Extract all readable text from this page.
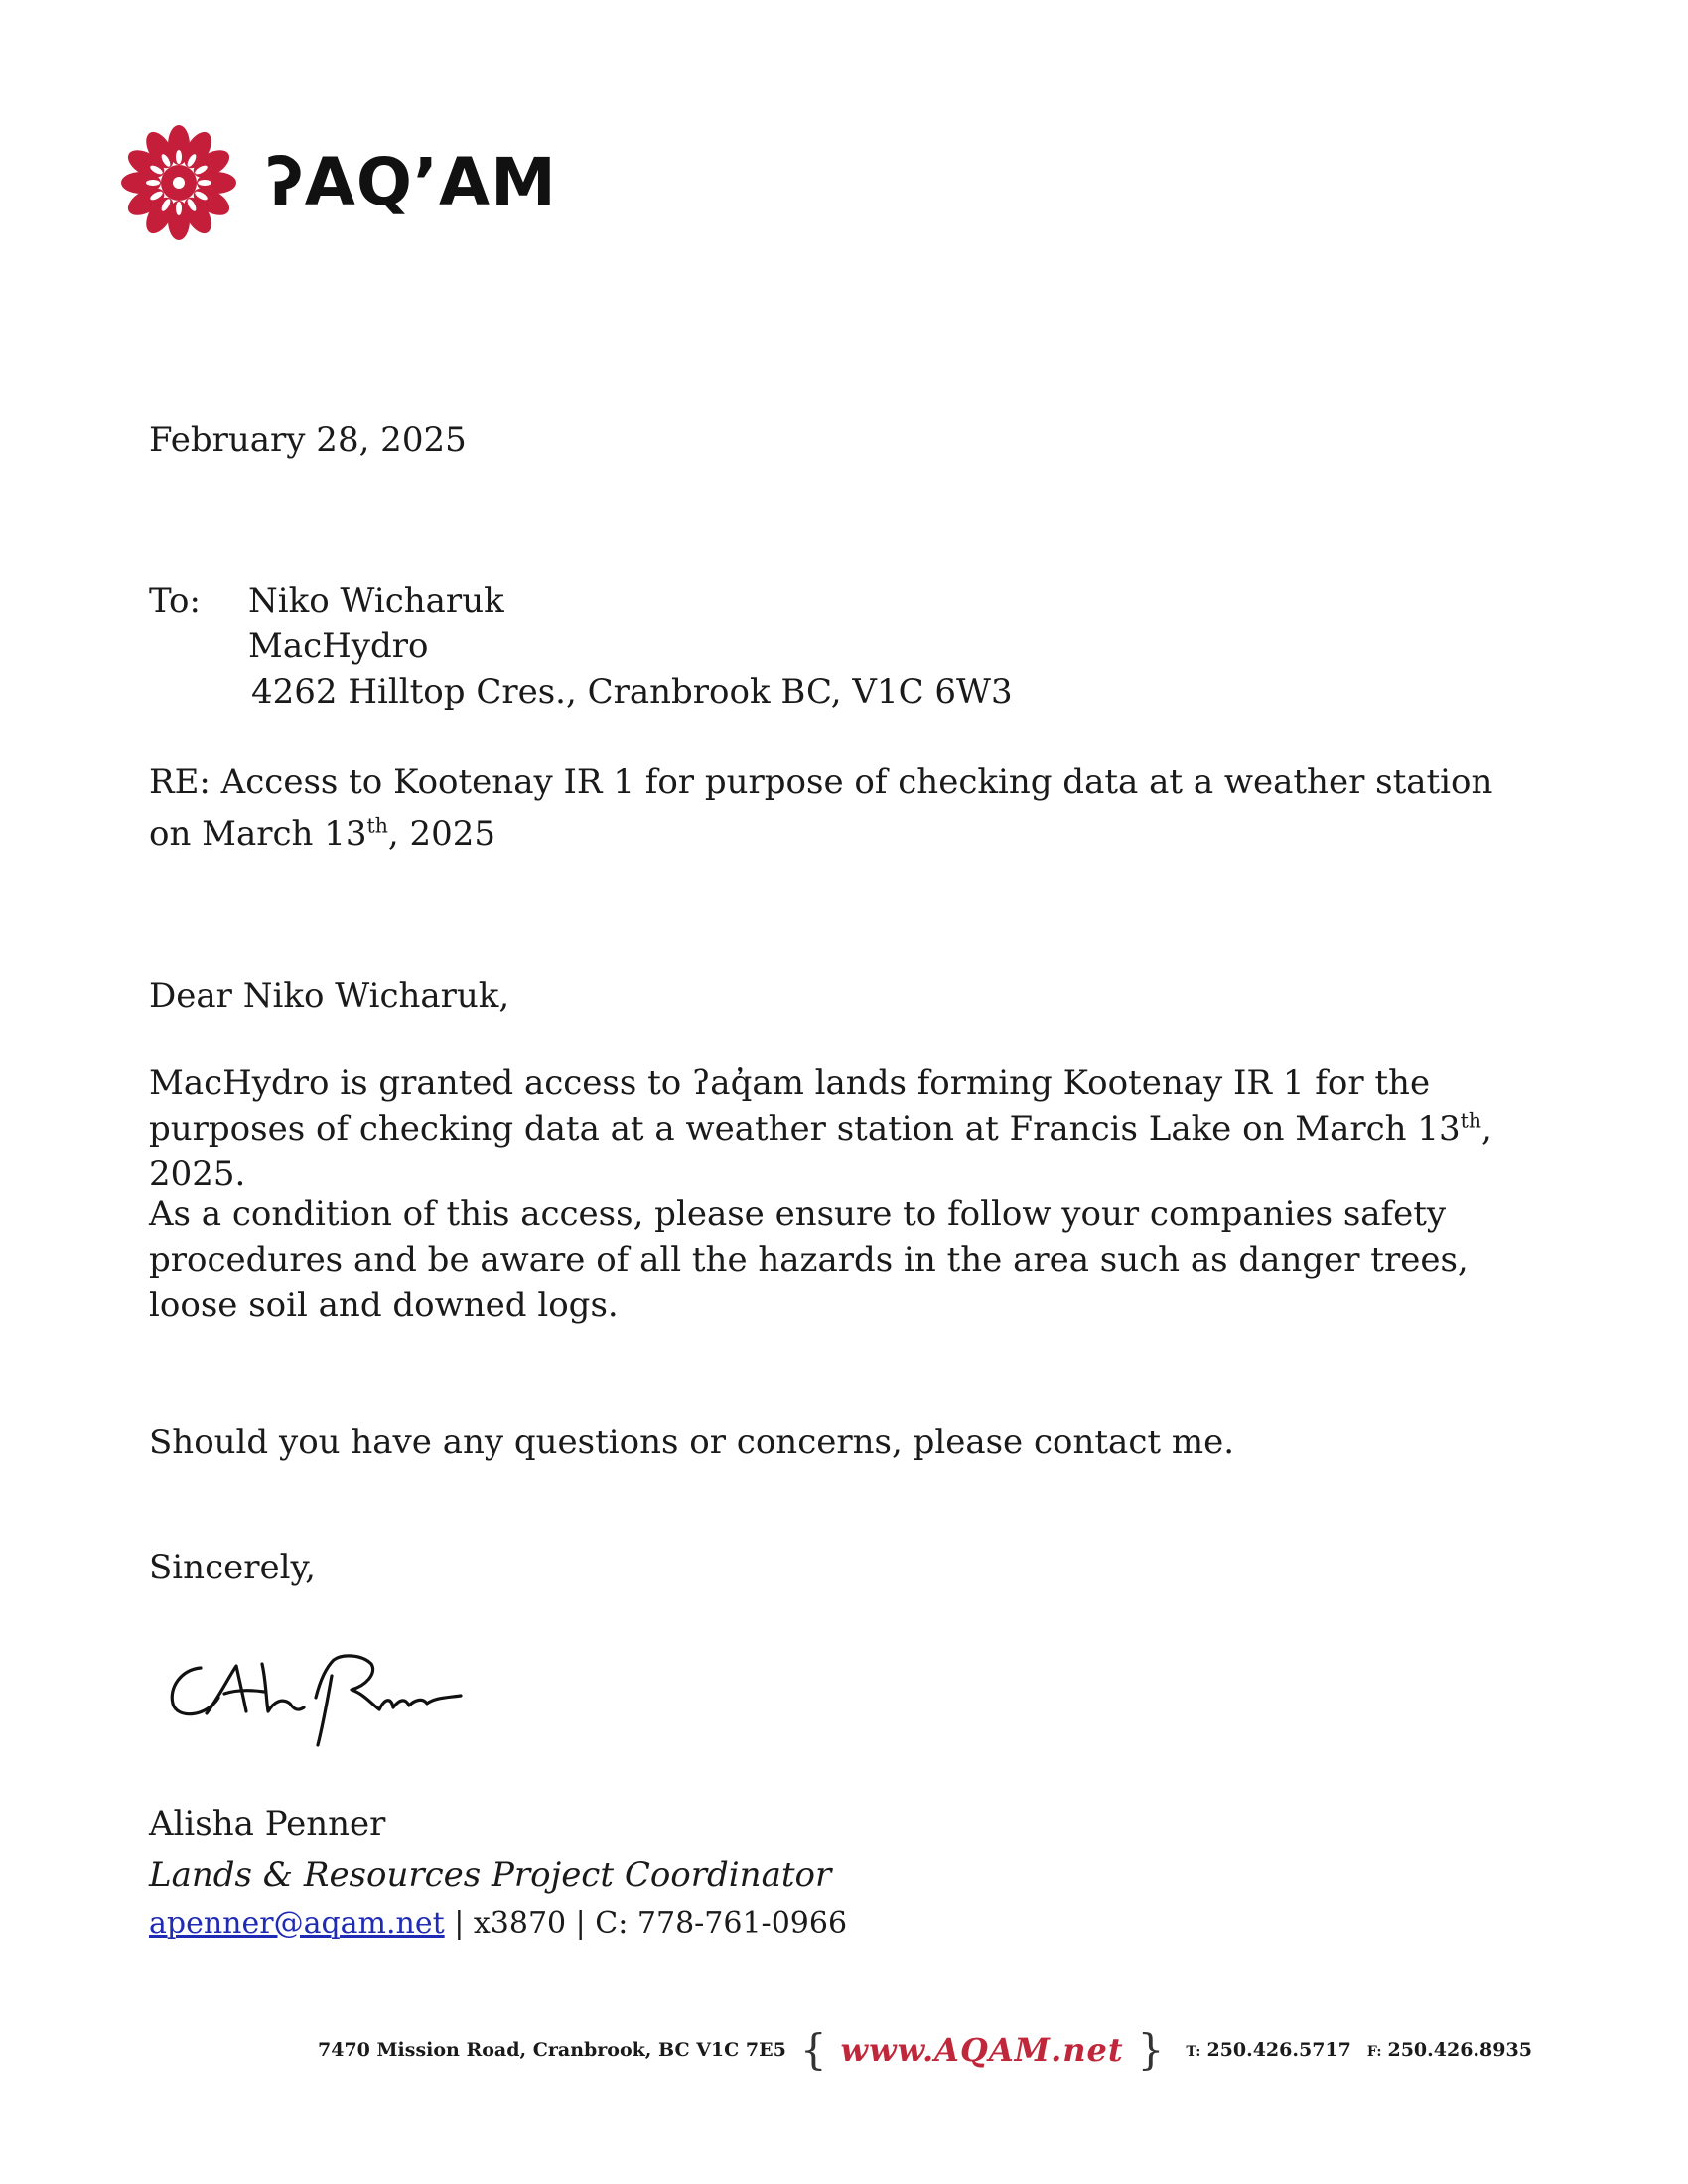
ʔAQ’AM

February 28, 2025

To:	Niko Wicharuk
MacHydro
4262 Hilltop Cres., Cranbrook BC, V1C 6W3

RE: Access to Kootenay IR 1 for purpose of checking data at a weather station on March 13th, 2025

Dear Niko Wicharuk,

MacHydro is granted access to ʔaq̓am lands forming Kootenay IR 1 for the purposes of checking data at a weather station at Francis Lake on March 13th, 2025.

As a condition of this access, please ensure to follow your companies safety procedures and be aware of all the hazards in the area such as danger trees, loose soil and downed logs.

Should you have any questions or concerns, please contact me.

Sincerely,

Alisha Penner

Lands & Resources Project Coordinator

apenner@aqam.net | x3870 | C: 778-761-0966
7470 Mission Road, Cranbrook, BC V1C 7E5 { www.AQAM.net } T: 250.426.5717 F: 250.426.8935
